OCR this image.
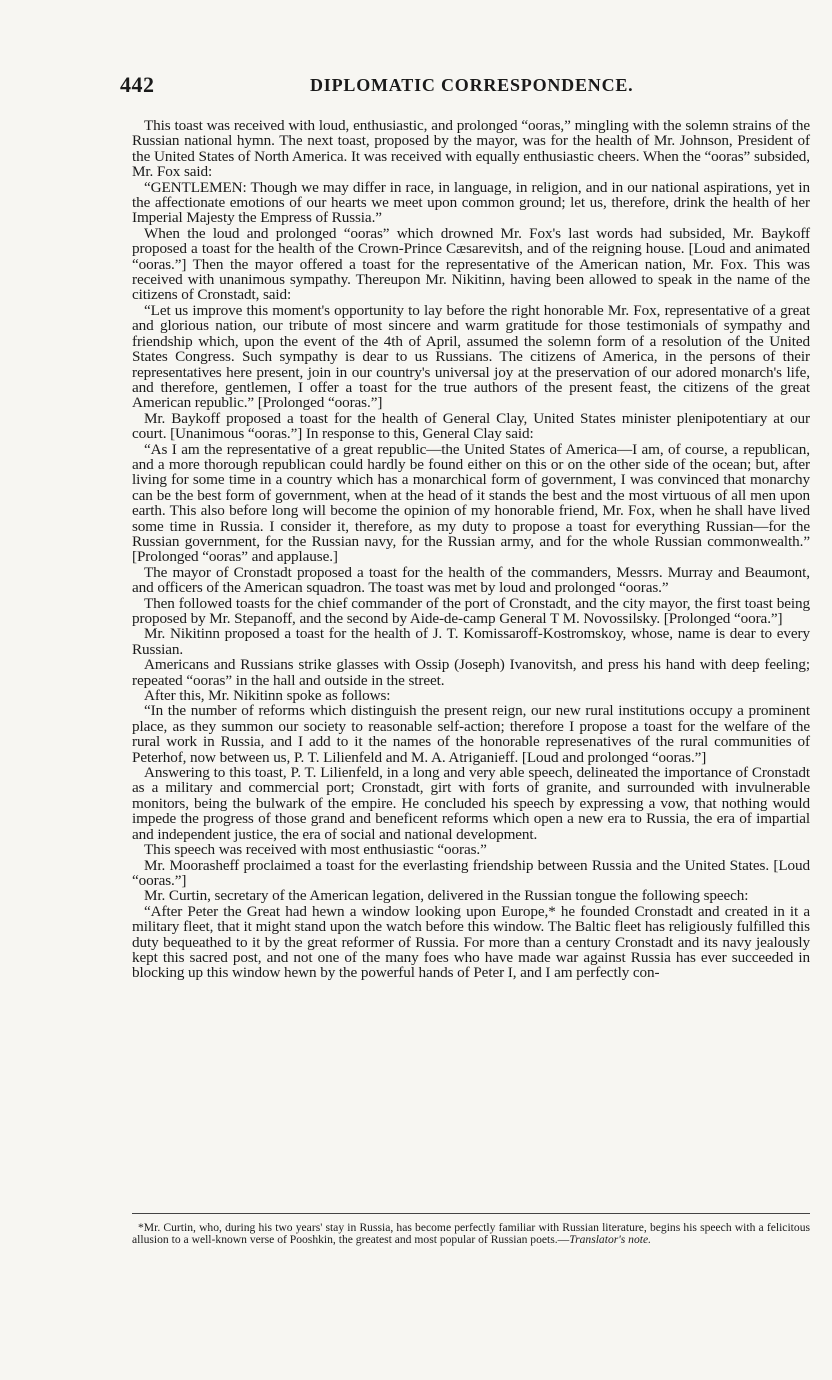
442	DIPLOMATIC CORRESPONDENCE.

This toast was received with loud, enthusiastic, and prolonged “ooras,” mingling with the solemn strains of the Russian national hymn. The next toast, proposed by the mayor, was for the health of Mr. Johnson, President of the United States of North America. It was received with equally enthusiastic cheers. When the “ooras” subsided, Mr. Fox said:

“GENTLEMEN: Though we may differ in race, in language, in religion, and in our national aspirations, yet in the affectionate emotions of our hearts we meet upon common ground; let us, therefore, drink the health of her Imperial Majesty the Empress of Russia.”

When the loud and prolonged “ooras” which drowned Mr. Fox's last words had subsided, Mr. Baykoff proposed a toast for the health of the Crown-Prince Cæsarevitsh, and of the reigning house. [Loud and animated “ooras.”] Then the mayor offered a toast for the representative of the American nation, Mr. Fox. This was received with unanimous sympathy. Thereupon Mr. Nikitinn, having been allowed to speak in the name of the citizens of Cronstadt, said:

“Let us improve this moment's opportunity to lay before the right honorable Mr. Fox, representative of a great and glorious nation, our tribute of most sincere and warm gratitude for those testimonials of sympathy and friendship which, upon the event of the 4th of April, assumed the solemn form of a resolution of the United States Congress. Such sympathy is dear to us Russians. The citizens of America, in the persons of their representatives here present, join in our country's universal joy at the preservation of our adored monarch's life, and therefore, gentlemen, I offer a toast for the true authors of the present feast, the citizens of the great American republic.” [Prolonged “ooras.”]

Mr. Baykoff proposed a toast for the health of General Clay, United States minister plenipotentiary at our court. [Unanimous “ooras.”] In response to this, General Clay said:

“As I am the representative of a great republic—the United States of America—I am, of course, a republican, and a more thorough republican could hardly be found either on this or on the other side of the ocean; but, after living for some time in a country which has a monarchical form of government, I was convinced that monarchy can be the best form of government, when at the head of it stands the best and the most virtuous of all men upon earth. This also before long will become the opinion of my honorable friend, Mr. Fox, when he shall have lived some time in Russia. I consider it, therefore, as my duty to propose a toast for everything Russian—for the Russian government, for the Russian navy, for the Russian army, and for the whole Russian commonwealth.” [Prolonged “ooras” and applause.]

The mayor of Cronstadt proposed a toast for the health of the commanders, Messrs. Murray and Beaumont, and officers of the American squadron. The toast was met by loud and prolonged “ooras.”

Then followed toasts for the chief commander of the port of Cronstadt, and the city mayor, the first toast being proposed by Mr. Stepanoff, and the second by Aide-de-camp General T M. Novossilsky. [Prolonged “oora.”]

Mr. Nikitinn proposed a toast for the health of J. T. Komissaroff-Kostromskoy, whose, name is dear to every Russian.

Americans and Russians strike glasses with Ossip (Joseph) Ivanovitsh, and press his hand with deep feeling; repeated “ooras” in the hall and outside in the street.

After this, Mr. Nikitinn spoke as follows:

“In the number of reforms which distinguish the present reign, our new rural institutions occupy a prominent place, as they summon our society to reasonable self-action; therefore I propose a toast for the welfare of the rural work in Russia, and I add to it the names of the honorable represenatives of the rural communities of Peterhof, now between us, P. T. Lilienfeld and M. A. Atriganieff. [Loud and prolonged “ooras.”]

Answering to this toast, P. T. Lilienfeld, in a long and very able speech, delineated the importance of Cronstadt as a military and commercial port; Cronstadt, girt with forts of granite, and surrounded with invulnerable monitors, being the bulwark of the empire. He concluded his speech by expressing a vow, that nothing would impede the progress of those grand and beneficent reforms which open a new era to Russia, the era of impartial and independent justice, the era of social and national development.

This speech was received with most enthusiastic “ooras.”

Mr. Moorasheff proclaimed a toast for the everlasting friendship between Russia and the United States. [Loud “ooras.”]

Mr. Curtin, secretary of the American legation, delivered in the Russian tongue the following speech:

“After Peter the Great had hewn a window looking upon Europe,* he founded Cronstadt and created in it a military fleet, that it might stand upon the watch before this window. The Baltic fleet has religiously fulfilled this duty bequeathed to it by the great reformer of Russia. For more than a century Cronstadt and its navy jealously kept this sacred post, and not one of the many foes who have made war against Russia has ever succeeded in blocking up this window hewn by the powerful hands of Peter I, and I am perfectly con-

*Mr. Curtin, who, during his two years' stay in Russia, has become perfectly familiar with Russian literature, begins his speech with a felicitous allusion to a well-known verse of Pooshkin, the greatest and most popular of Russian poets.—Translator's note.
